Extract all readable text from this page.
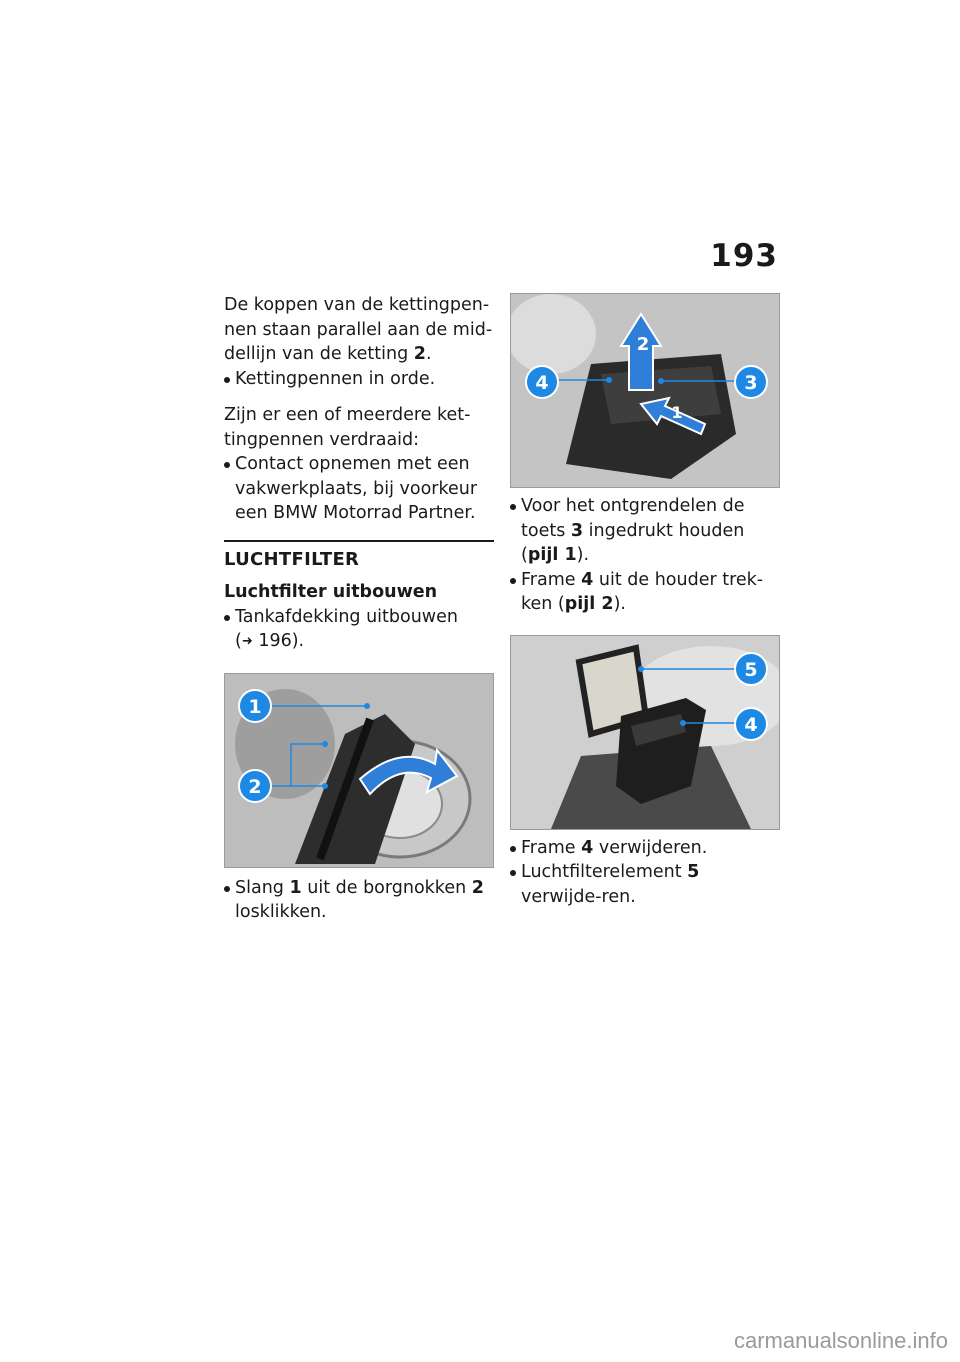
193

De koppen van de kettingpen-nen staan parallel aan de mid-dellijn van de ketting 2.

Kettingpennen in orde.

Zijn er een of meerdere ket-tingpennen verdraaid:

Contact opnemen met een vakwerkplaats, bij voorkeur een BMW Motorrad Partner.

LUCHTFILTER
Luchtfilter uitbouwen

Tankafdekking uitbouwen
(➜ 196).

1
2

Slang 1 uit de borgnokken 2 losklikken.

2
1
4	3

Voor het ontgrendelen de toets 3 ingedrukt houden (pijl 1).

Frame 4 uit de houder trek-ken (pijl 2).

5
4

Frame 4 verwijderen.

Luchtfilterelement 5 verwijde-ren.

carmanualsonline.info
